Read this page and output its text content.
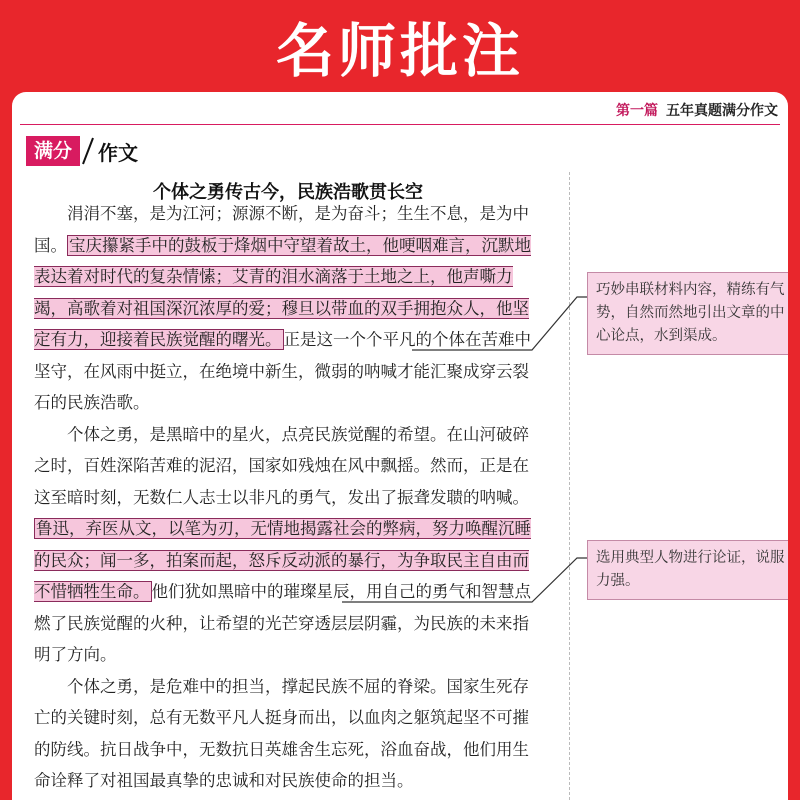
名师批注
第一篇 五年真题满分作文
满分	作文
个体之勇传古今，民族浩歌贯长空

涓涓不塞，是为江河；源源不断，是为奋斗；生生不息，是为中国。 宝庆攥紧手中的鼓板于烽烟中守望着故土，他哽咽难言，沉默地表达着对时代的复杂情愫；艾青的泪水滴落于土地之上，他声嘶力竭，高歌着对祖国深沉浓厚的爱；穆旦以带血的双手拥抱众人，他坚定有力，迎接着民族觉醒的曙光。 正是这一个个平凡的个体在苦难中坚守，在风雨中挺立，在绝境中新生，微弱的呐喊才能汇聚成穿云裂石的民族浩歌。

个体之勇，是黑暗中的星火，点亮民族觉醒的希望。在山河破碎之时，百姓深陷苦难的泥沼，国家如残烛在风中飘摇。然而，正是在这至暗时刻，无数仁人志士以非凡的勇气，发出了振聋发聩的呐喊。鲁迅，弃医从文，以笔为刃，无情地揭露社会的弊病，努力唤醒沉睡的民众；闻一多，拍案而起，怒斥反动派的暴行，为争取民主自由而不惜牺牲生命。 他们犹如黑暗中的璀璨星辰，用自己的勇气和智慧点燃了民族觉醒的火种，让希望的光芒穿透层层阴霾，为民族的未来指明了方向。

个体之勇，是危难中的担当，撑起民族不屈的脊梁。国家生死存亡的关键时刻，总有无数平凡人挺身而出，以血肉之躯筑起坚不可摧的防线。抗日战争中，无数抗日英雄舍生忘死，浴血奋战，他们用生命诠释了对祖国最真挚的忠诚和对民族使命的担当。

巧妙串联材料内容，精练有气势，自然而然地引出文章的中心论点，水到渠成。
选用典型人物进行论证，说服力强。
